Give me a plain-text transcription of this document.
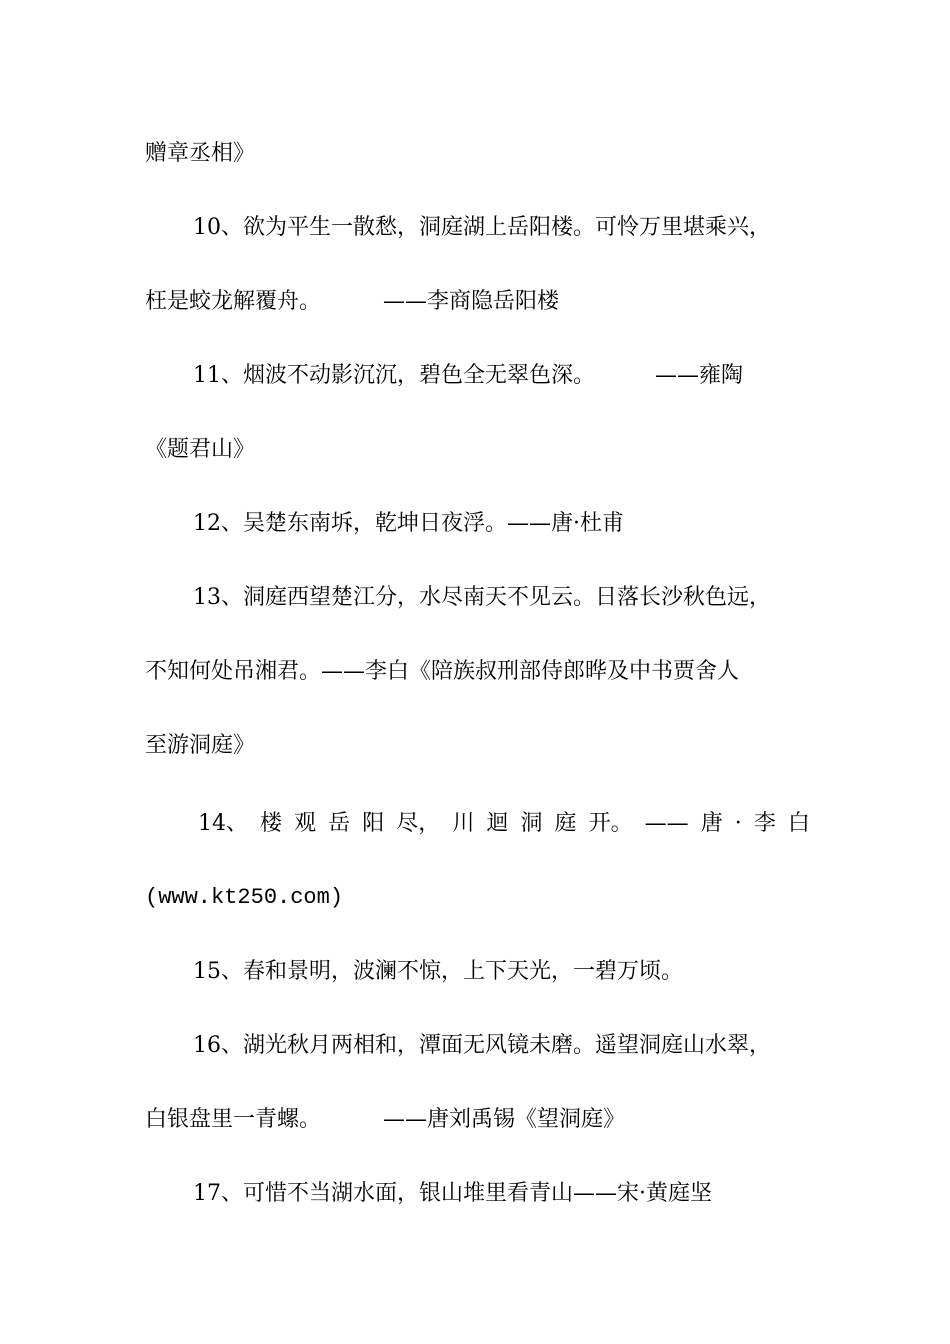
赠章丞相》
10、欲为平生一散愁，洞庭湖上岳阳楼。可怜万里堪乘兴，
枉是蛟龙解覆舟。	——李商隐岳阳楼
11、烟波不动影沉沉，碧色全无翠色深。	——雍陶
《题君山》
12、吴楚东南坼，乾坤日夜浮。——唐·杜甫
13、洞庭西望楚江分，水尽南天不见云。日落长沙秋色远，
不知何处吊湘君。——李白《陪族叔刑部侍郎晔及中书贾舍人
至游洞庭》
14、 楼 观 岳 阳 尽， 川 迴 洞 庭 开。 —— 唐 · 李 白
(www.kt250.com)
15、春和景明，波澜不惊，上下天光，一碧万顷。
16、湖光秋月两相和，潭面无风镜未磨。遥望洞庭山水翠，
白银盘里一青螺。	——唐刘禹锡《望洞庭》
17、可惜不当湖水面，银山堆里看青山——宋·黄庭坚
